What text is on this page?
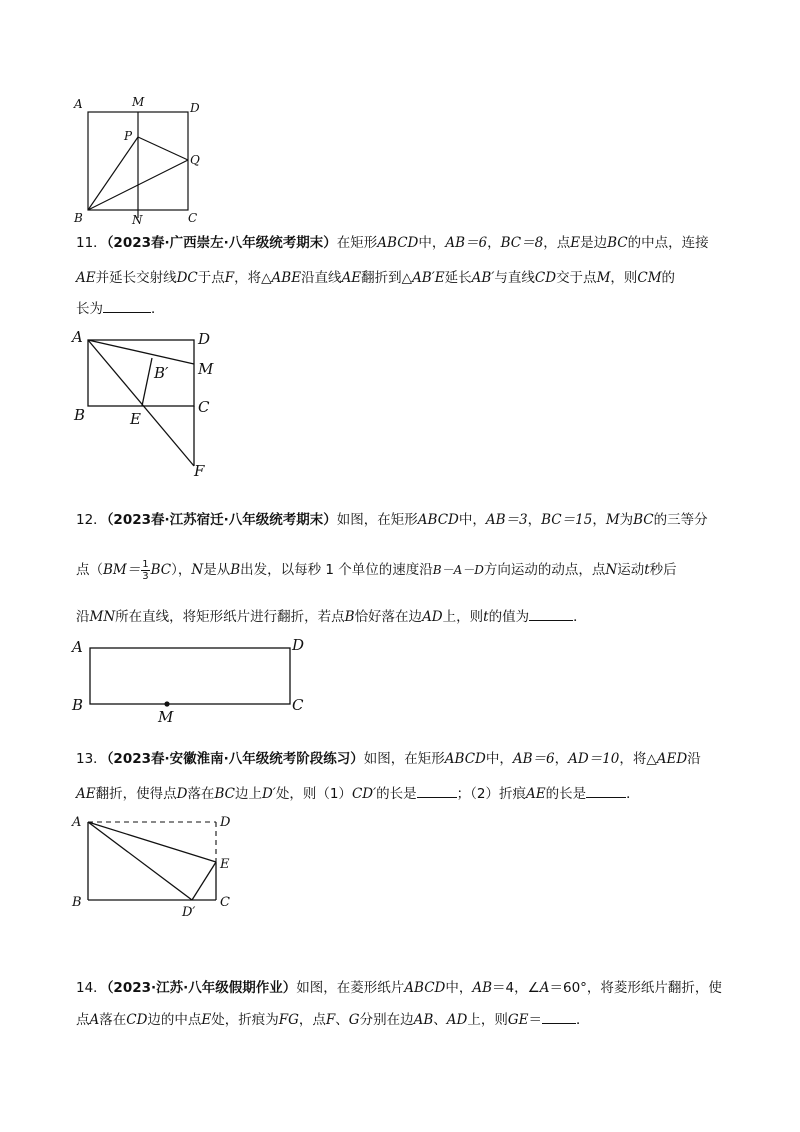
A	M	D
P
Q
B	N	C
11．（2023春·广西崇左·八年级统考期末）在矩形ABCD中，AB＝6，BC＝8，点E是边BC的中点，连接
AE并延长交射线DC于点F，将△ABE沿直线AE翻折到△AB′E延长AB′与直线CD交于点M，则CM的
长为	．
A	D
B′ M
B	E
C
F
12．（2023春·江苏宿迁·八年级统考期末）如图，在矩形ABCD中，AB＝3，BC＝15，M为BC的三等分
点$(BM= \frac{1}{3} BC)$，N是从B出发，以每秒 1 个单位的速度沿B－A－D方向运动的动点，点N运动t秒后
沿MN所在直线，将矩形纸片进行翻折，若点B恰好落在边AD上，则t的值为	．
A	D
B
M
C
13．（2023春·安徽淮南·八年级统考阶段练习）如图，在矩形ABCD中，AB＝6，AD＝10，将△AED沿
AE翻折，使得点D落在BC边上D′处，则（1）CD′的长是	；（2）折痕AE的长是	．
A	D
E
B
D′
C
14．（2023·江苏·八年级假期作业）如图，在菱形纸片ABCD中，AB＝4，∠A＝60°，将菱形纸片翻折，使
点A落在CD边的中点E处，折痕为FG，点F、G分别在边AB、AD上，则GE＝	．
